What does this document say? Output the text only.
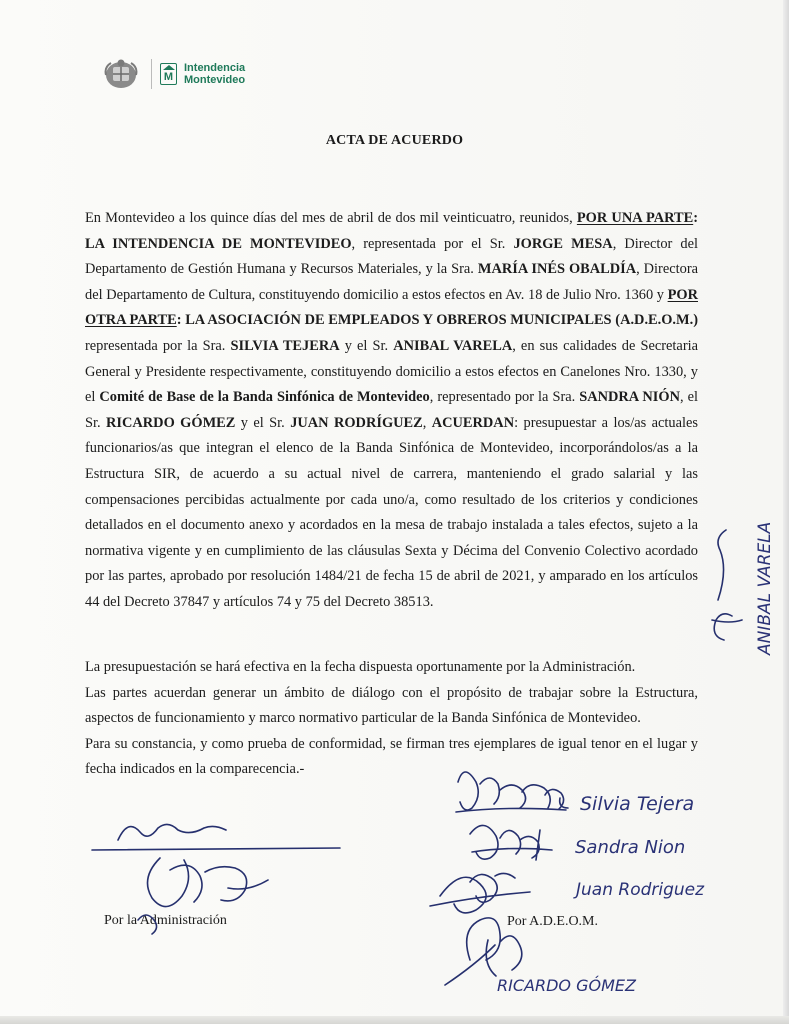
M
Intendencia
Montevideo
ACTA DE ACUERDO

En Montevideo a los quince días del mes de abril de dos mil veinticuatro, reunidos, POR UNA PARTE: LA INTENDENCIA DE MONTEVIDEO, representada por el Sr. JORGE MESA, Director del Departamento de Gestión Humana y Recursos Materiales, y la Sra. MARÍA INÉS OBALDÍA, Directora del Departamento de Cultura, constituyendo domicilio a estos efectos en Av. 18 de Julio Nro. 1360 y POR OTRA PARTE: LA ASOCIACIÓN DE EMPLEADOS Y OBREROS MUNICIPALES (A.D.E.O.M.) representada por la Sra. SILVIA TEJERA y el Sr. ANIBAL VARELA, en sus calidades de Secretaria General y Presidente respectivamente, constituyendo domicilio a estos efectos en Canelones Nro. 1330, y el Comité de Base de la Banda Sinfónica de Montevideo, representado por la Sra. SANDRA NIÓN, el Sr. RICARDO GÓMEZ y el Sr. JUAN RODRÍGUEZ, ACUERDAN: presupuestar a los/as actuales funcionarios/as que integran el elenco de la Banda Sinfónica de Montevideo, incorporándolos/as a la Estructura SIR, de acuerdo a su actual nivel de carrera, manteniendo el grado salarial y las compensaciones percibidas actualmente por cada uno/a, como resultado de los criterios y condiciones detallados en el documento anexo y acordados en la mesa de trabajo instalada a tales efectos, sujeto a la normativa vigente y en cumplimiento de las cláusulas Sexta y Décima del Convenio Colectivo acordado por las partes, aprobado por resolución 1484/21 de fecha 15 de abril de 2021, y amparado en los artículos 44 del Decreto 37847 y artículos 74 y 75 del Decreto 38513.

La presupuestación se hará efectiva en la fecha dispuesta oportunamente por la Administración.

Las partes acuerdan generar un ámbito de diálogo con el propósito de trabajar sobre la Estructura, aspectos de funcionamiento y marco normativo particular de la Banda Sinfónica de Montevideo.

Para su constancia, y como prueba de conformidad, se firman tres ejemplares de igual tenor en el lugar y fecha indicados en la comparecencia.-

Por la Administración	Por A.D.E.O.M.
Silvia Tejera
Sandra Nion
Juan Rodriguez
RICARDO GÓMEZ
ANIBAL VARELA
